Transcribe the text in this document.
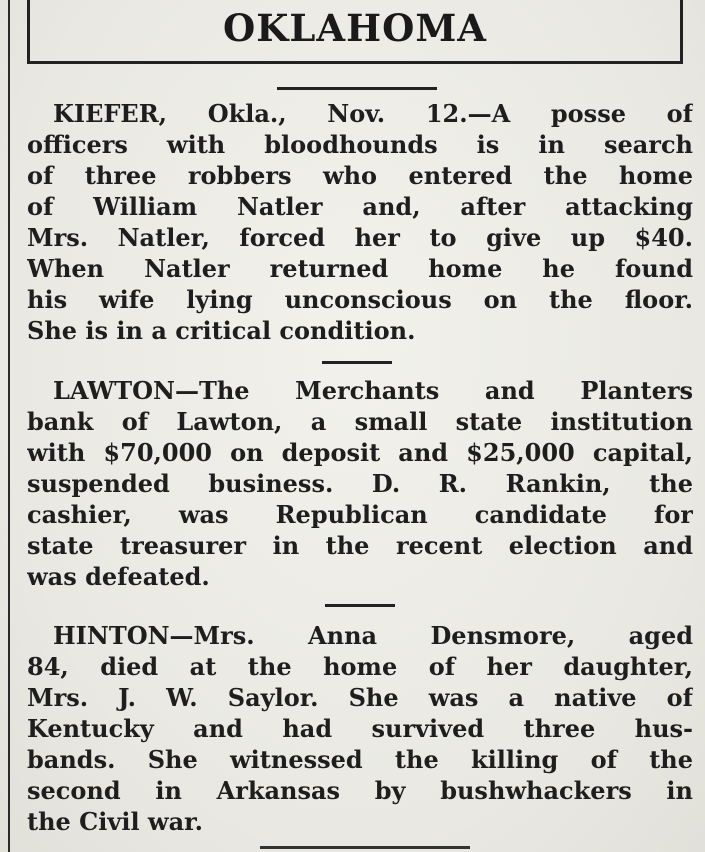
OKLAHOMA
KIEFER, Okla., Nov. 12.—A posse of
officers with bloodhounds is in search
of three robbers who entered the home
of William Natler and, after attacking
Mrs. Natler, forced her to give up $40.
When Natler returned home he found
his wife lying unconscious on the floor.
She is in a critical condition.
LAWTON—The Merchants and Planters
bank of Lawton, a small state institution
with $70,000 on deposit and $25,000 capital,
suspended business. D. R. Rankin, the
cashier, was Republican candidate for
state treasurer in the recent election and
was defeated.
HINTON—Mrs. Anna Densmore, aged
84, died at the home of her daughter,
Mrs. J. W. Saylor. She was a native of
Kentucky and had survived three hus-
bands. She witnessed the killing of the
second in Arkansas by bushwhackers in
the Civil war.
